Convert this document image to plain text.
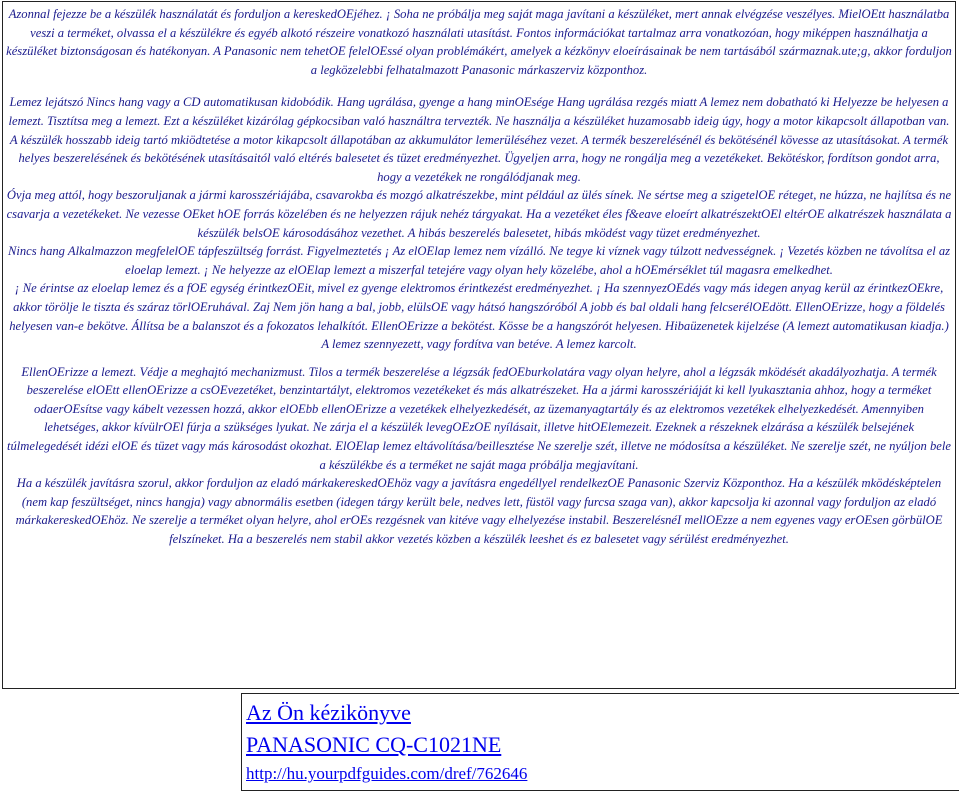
Azonnal fejezze be a készülék használatát és forduljon a kereskedOEjéhez. ¡ Soha ne próbálja meg saját maga javítani a készüléket, mert annak elvégzése veszélyes. MielOEtt használatba veszi a terméket, olvassa el a készülékre és egyéb alkotó részeire vonatkozó használati utasítást. Fontos információkat tartalmaz arra vonatkozóan, hogy miképpen használhatja a készüléket biztonságosan és hatékonyan. A Panasonic nem tehetOE felelOEssé olyan problémákért, amelyek a kézkönyv eloeírásainak be nem tartásából származnak.ute;g, akkor forduljon a legközelebbi felhatalmazott Panasonic márkaszerviz központhoz.

Lemez lejátszó Nincs hang vagy a CD automatikusan kidobódik. Hang ugrálása, gyenge a hang minOEsége Hang ugrálása rezgés miatt A lemez nem dobatható ki Helyezze be helyesen a lemezt. Tisztítsa meg a lemezt. Ezt a készüléket kizárólag gépkocsiban való használtra tervezték. Ne használja a készüléket huzamosabb ideig úgy, hogy a motor kikapcsolt állapotban van. A készülék hosszabb ideig tartó mkiödtetése a motor kikapcsolt állapotában az akkumulátor lemerüléséhez vezet. A termék beszerelésénél és bekötésénél kövesse az utasításokat. A termék helyes beszerelésének és bekötésének utasításaitól való eltérés balesetet és tüzet eredményezhet. Ügyeljen arra, hogy ne rongálja meg a vezetékeket. Bekötéskor, fordítson gondot arra, hogy a vezetékek ne rongálódjanak meg.

Óvja meg attól, hogy beszoruljanak a jármi karosszériájába, csavarokba és mozgó alkatrészekbe, mint például az ülés sínek. Ne sértse meg a szigetelOE réteget, ne húzza, ne hajlítsa és ne csavarja a vezetékeket. Ne vezesse OEket hOE forrás közelében és ne helyezzen rájuk nehéz tárgyakat. Ha a vezetéket éles f&eave eloeírt alkatrészektOEl eltérOE alkatrészek használata a készülék belsOE károsodásához vezethet. A hibás beszerelés balesetet, hibás mködést vagy tüzet eredményezhet.

Nincs hang Alkalmazzon megfelelOE tápfeszültség forrást. Figyelmeztetés ¡ Az elOElap lemez nem vízálló. Ne tegye ki víznek vagy túlzott nedvességnek. ¡ Vezetés közben ne távolítsa el az eloelap lemezt. ¡ Ne helyezze az elOElap lemezt a miszerfal tetejére vagy olyan hely közelébe, ahol a hOEmérséklet túl magasra emelkedhet.

¡ Ne érintse az eloelap lemez és a fOE egység érintkezOEit, mivel ez gyenge elektromos érintkezést eredményezhet. ¡ Ha szennyezOEdés vagy más idegen anyag kerül az érintkezOEkre, akkor törölje le tiszta és száraz törlOEruhával. Zaj Nem jön hang a bal, jobb, elülsOE vagy hátsó hangszóróból A jobb és bal oldali hang felcserélOEdött. EllenOErizze, hogy a földelés helyesen van-e bekötve. Állítsa be a balanszot és a fokozatos lehalkítót. EllenOErizze a bekötést. Kösse be a hangszórót helyesen. Hibaüzenetek kijelzése (A lemezt automatikusan kiadja.) A lemez szennyezett, vagy fordítva van betéve. A lemez karcolt.

EllenOErizze a lemezt. Védje a meghajtó mechanizmust. Tilos a termék beszerelése a légzsák fedOEburkolatára vagy olyan helyre, ahol a légzsák mködését akadályozhatja. A termék beszerelése elOEtt ellenOErizze a csOEvezetéket, benzintartályt, elektromos vezetékeket és más alkatrészeket. Ha a jármi karosszériáját ki kell lyukasztania ahhoz, hogy a terméket odaerOEsítse vagy kábelt vezessen hozzá, akkor elOEbb ellenOErizze a vezetékek elhelyezkedését, az üzemanyagtartály és az elektromos vezetékek elhelyezkedését. Amennyiben lehetséges, akkor kívülrOEl fúrja a szükséges lyukat. Ne zárja el a készülék levegOEzOE nyílásait, illetve hitOElemezeit. Ezeknek a részeknek elzárása a készülék belsejének túlmelegedését idézi elOE és tüzet vagy más károsodást okozhat. ElOElap lemez eltávolítása/beillesztése Ne szerelje szét, illetve ne módosítsa a készüléket. Ne szerelje szét, ne nyúljon bele a készülékbe és a terméket ne saját maga próbálja megjavítani.

Ha a készülék javításra szorul, akkor forduljon az eladó márkakereskedOEhöz vagy a javításra engedéllyel rendelkezOE Panasonic Szerviz Központhoz. Ha a készülék mködésképtelen (nem kap feszültséget, nincs hangja) vagy abnormális esetben (idegen tárgy került bele, nedves lett, füstöl vagy furcsa szaga van), akkor kapcsolja ki azonnal vagy forduljon az eladó márkakereskedOEhöz. Ne szerelje a terméket olyan helyre, ahol erOEs rezgésnek van kitéve vagy elhelyezése instabil. BeszerelésnéI mellOEzze a nem egyenes vagy erOEsen görbülOE felszíneket. Ha a beszerelés nem stabil akkor vezetés közben a készülék leeshet és ez balesetet vagy sérülést eredményezhet.

Az Ön kézikönyve
PANASONIC CQ-C1021NE
http://hu.yourpdfguides.com/dref/762646
